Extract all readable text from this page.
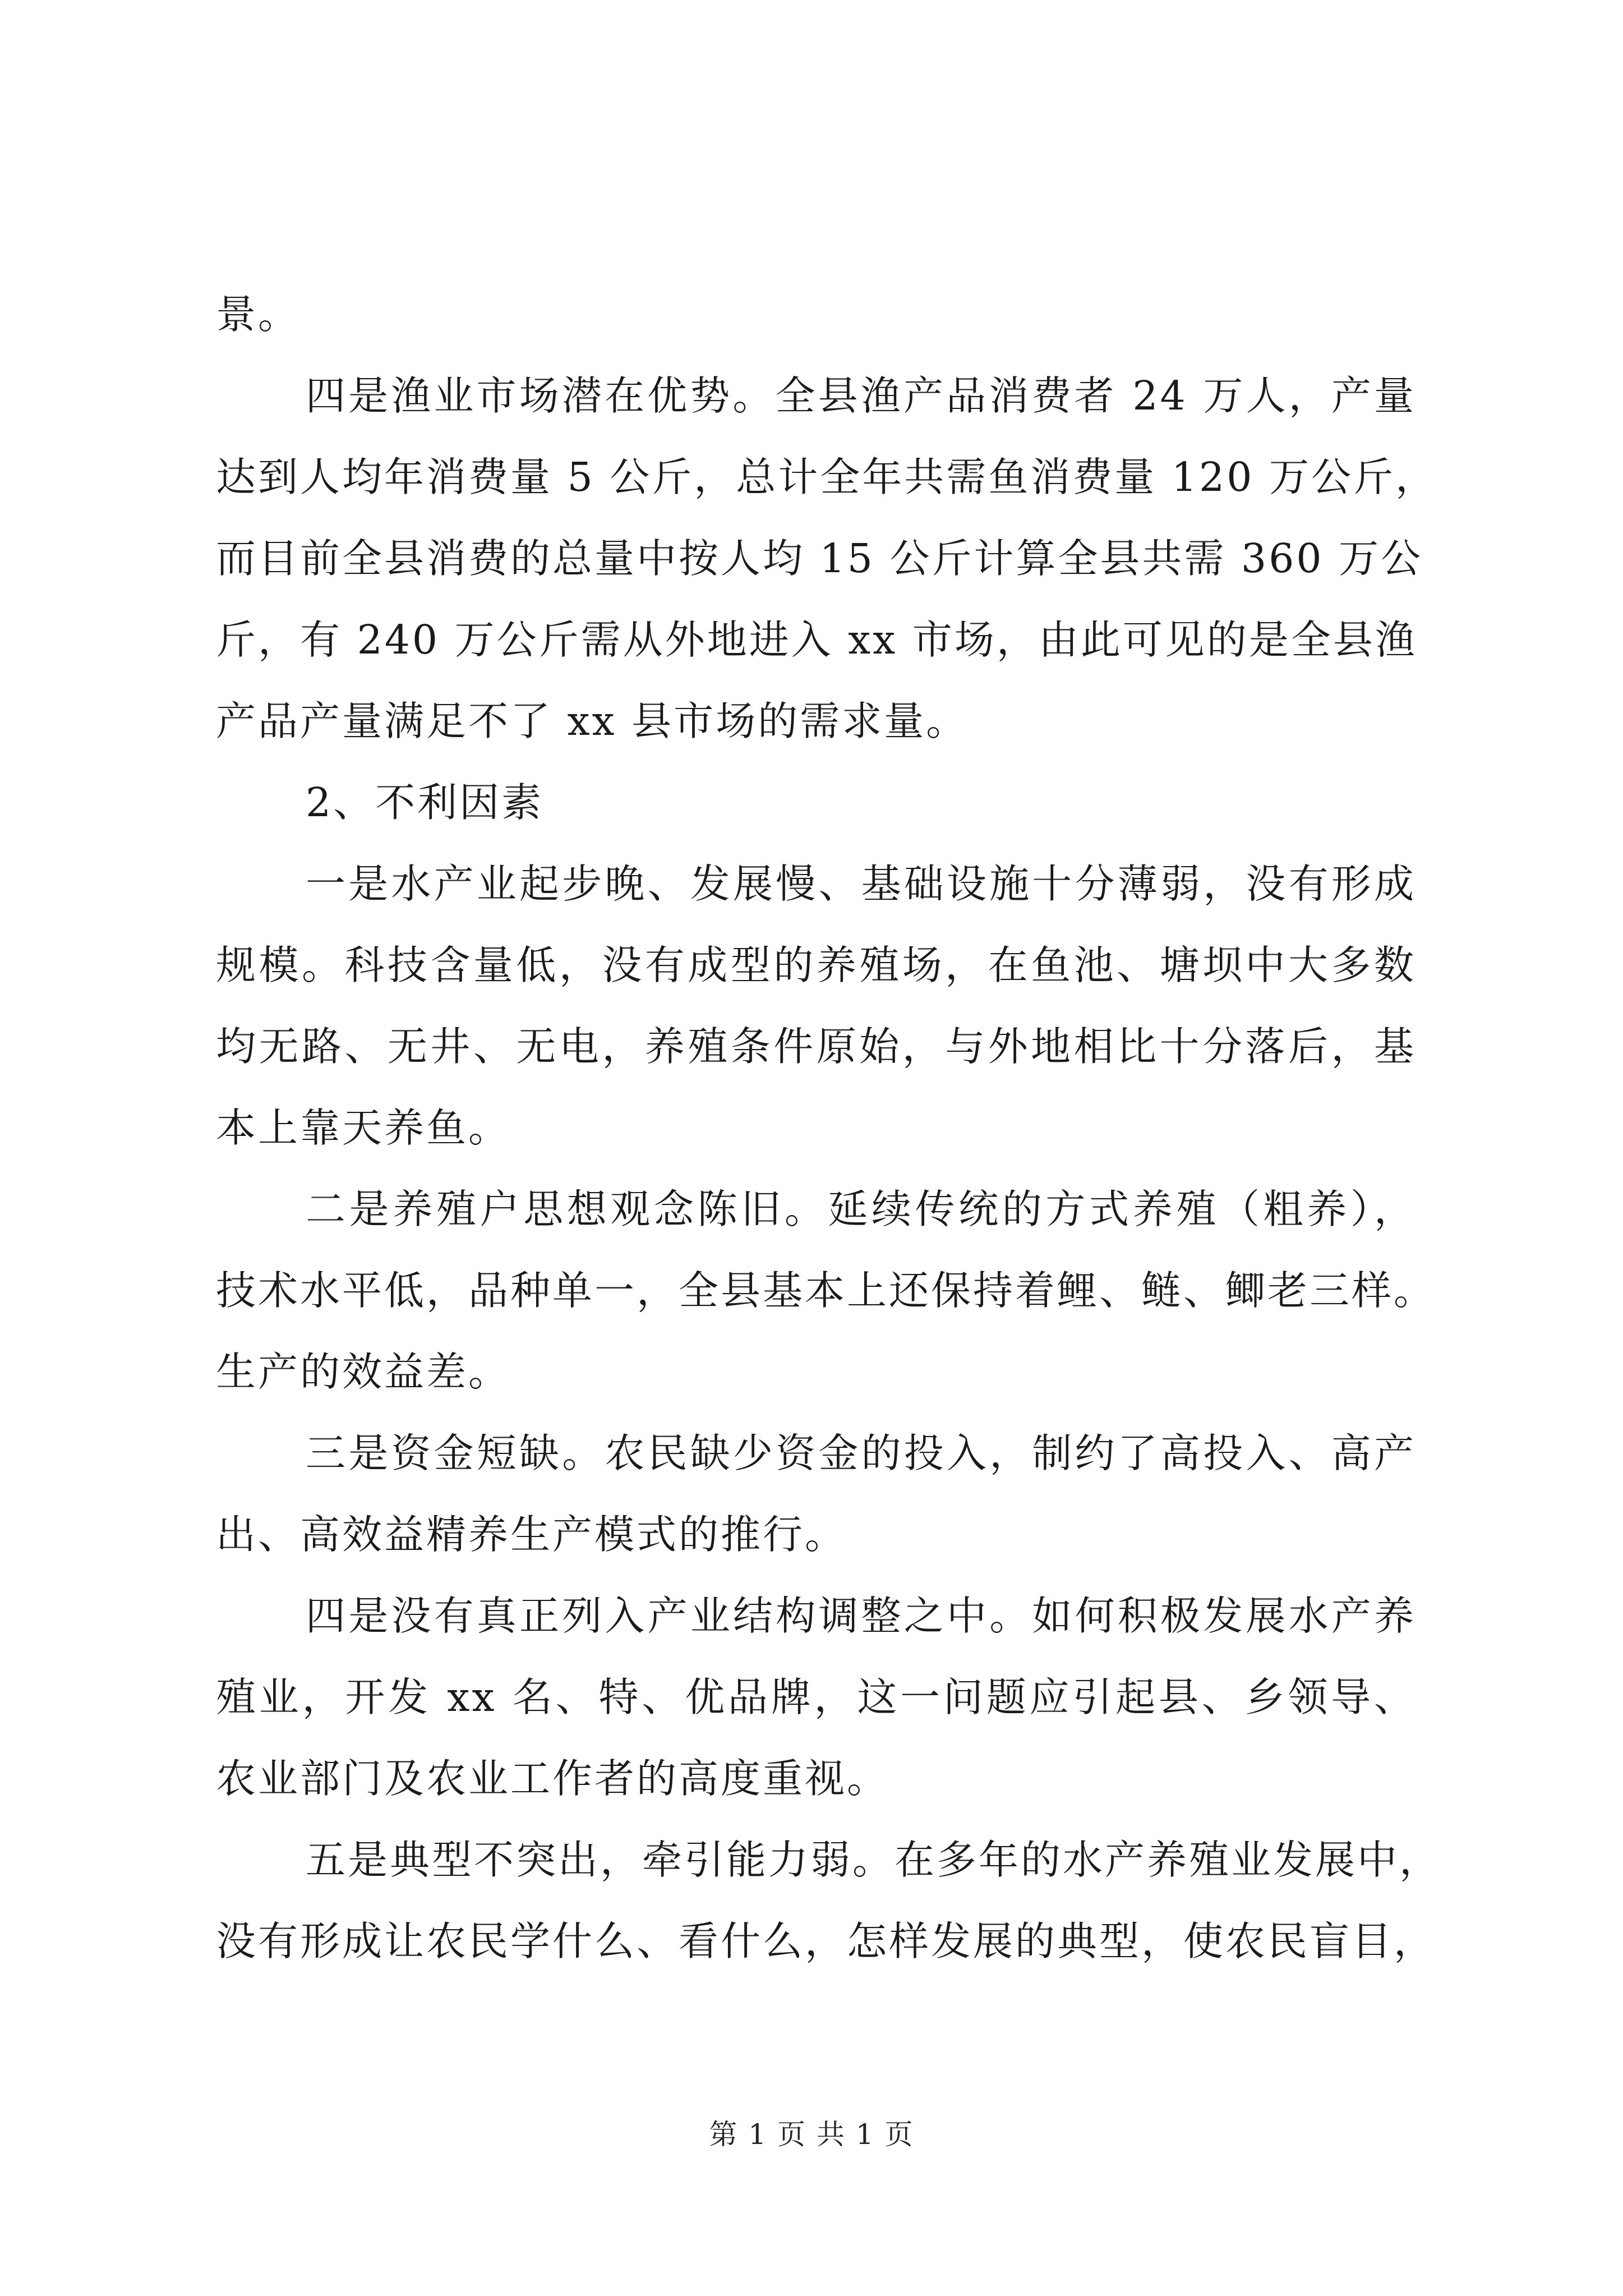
景。
四是渔业市场潜在优势。全县渔产品消费者 24 万人，产量
达到人均年消费量 5 公斤，总计全年共需鱼消费量 120 万公斤，
而目前全县消费的总量中按人均 15 公斤计算全县共需 360 万公
斤，有 240 万公斤需从外地进入 xx 市场，由此可见的是全县渔
产品产量满足不了 xx 县市场的需求量。
2、不利因素
一是水产业起步晚、发展慢、基础设施十分薄弱，没有形成
规模。科技含量低，没有成型的养殖场，在鱼池、塘坝中大多数
均无路、无井、无电，养殖条件原始，与外地相比十分落后，基
本上靠天养鱼。
二是养殖户思想观念陈旧。延续传统的方式养殖（粗养），
技术水平低，品种单一，全县基本上还保持着鲤、鲢、鲫老三样。
生产的效益差。
三是资金短缺。农民缺少资金的投入，制约了高投入、高产
出、高效益精养生产模式的推行。
四是没有真正列入产业结构调整之中。如何积极发展水产养
殖业，开发 xx 名、特、优品牌，这一问题应引起县、乡领导、
农业部门及农业工作者的高度重视。
五是典型不突出，牵引能力弱。在多年的水产养殖业发展中，
没有形成让农民学什么、看什么，怎样发展的典型，使农民盲目，
第 1 页 共 1 页
